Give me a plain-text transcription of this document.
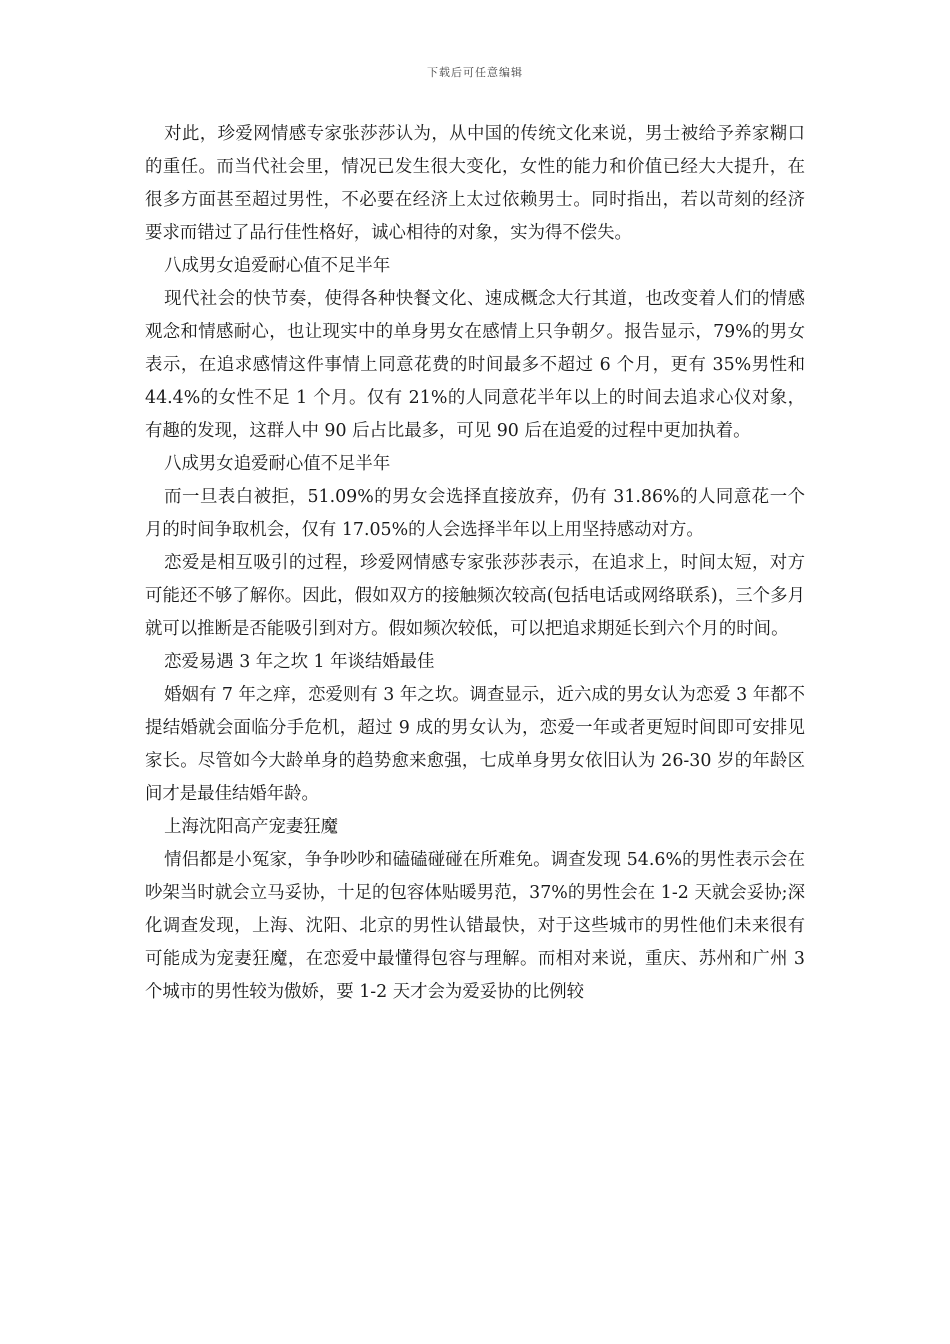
下载后可任意编辑

对此，珍爱网情感专家张莎莎认为，从中国的传统文化来说，男士被给予养家糊口的重任。而当代社会里，情况已发生很大变化，女性的能力和价值已经大大提升，在很多方面甚至超过男性，不必要在经济上太过依赖男士。同时指出，若以苛刻的经济要求而错过了品行佳性格好，诚心相待的对象，实为得不偿失。

八成男女追爱耐心值不足半年

现代社会的快节奏，使得各种快餐文化、速成概念大行其道，也改变着人们的情感观念和情感耐心，也让现实中的单身男女在感情上只争朝夕。报告显示，79%的男女表示，在追求感情这件事情上同意花费的时间最多不超过 6 个月，更有 35%男性和 44.4%的女性不足 1 个月。仅有 21%的人同意花半年以上的时间去追求心仪对象，有趣的发现，这群人中 90 后占比最多，可见 90 后在追爱的过程中更加执着。

八成男女追爱耐心值不足半年

而一旦表白被拒，51.09%的男女会选择直接放弃，仍有 31.86%的人同意花一个月的时间争取机会，仅有 17.05%的人会选择半年以上用坚持感动对方。

恋爱是相互吸引的过程，珍爱网情感专家张莎莎表示，在追求上，时间太短，对方可能还不够了解你。因此，假如双方的接触频次较高(包括电话或网络联系)，三个多月就可以推断是否能吸引到对方。假如频次较低，可以把追求期延长到六个月的时间。

恋爱易遇 3 年之坎 1 年谈结婚最佳

婚姻有 7 年之痒，恋爱则有 3 年之坎。调查显示，近六成的男女认为恋爱 3 年都不提结婚就会面临分手危机，超过 9 成的男女认为，恋爱一年或者更短时间即可安排见家长。尽管如今大龄单身的趋势愈来愈强，七成单身男女依旧认为 26-30 岁的年龄区间才是最佳结婚年龄。

上海沈阳高产宠妻狂魔

情侣都是小冤家，争争吵吵和磕磕碰碰在所难免。调查发现 54.6%的男性表示会在吵架当时就会立马妥协，十足的包容体贴暖男范，37%的男性会在 1-2 天就会妥协;深化调查发现，上海、沈阳、北京的男性认错最快，对于这些城市的男性他们未来很有可能成为宠妻狂魔，在恋爱中最懂得包容与理解。而相对来说，重庆、苏州和广州 3 个城市的男性较为傲娇，要 1-2 天才会为爱妥协的比例较
